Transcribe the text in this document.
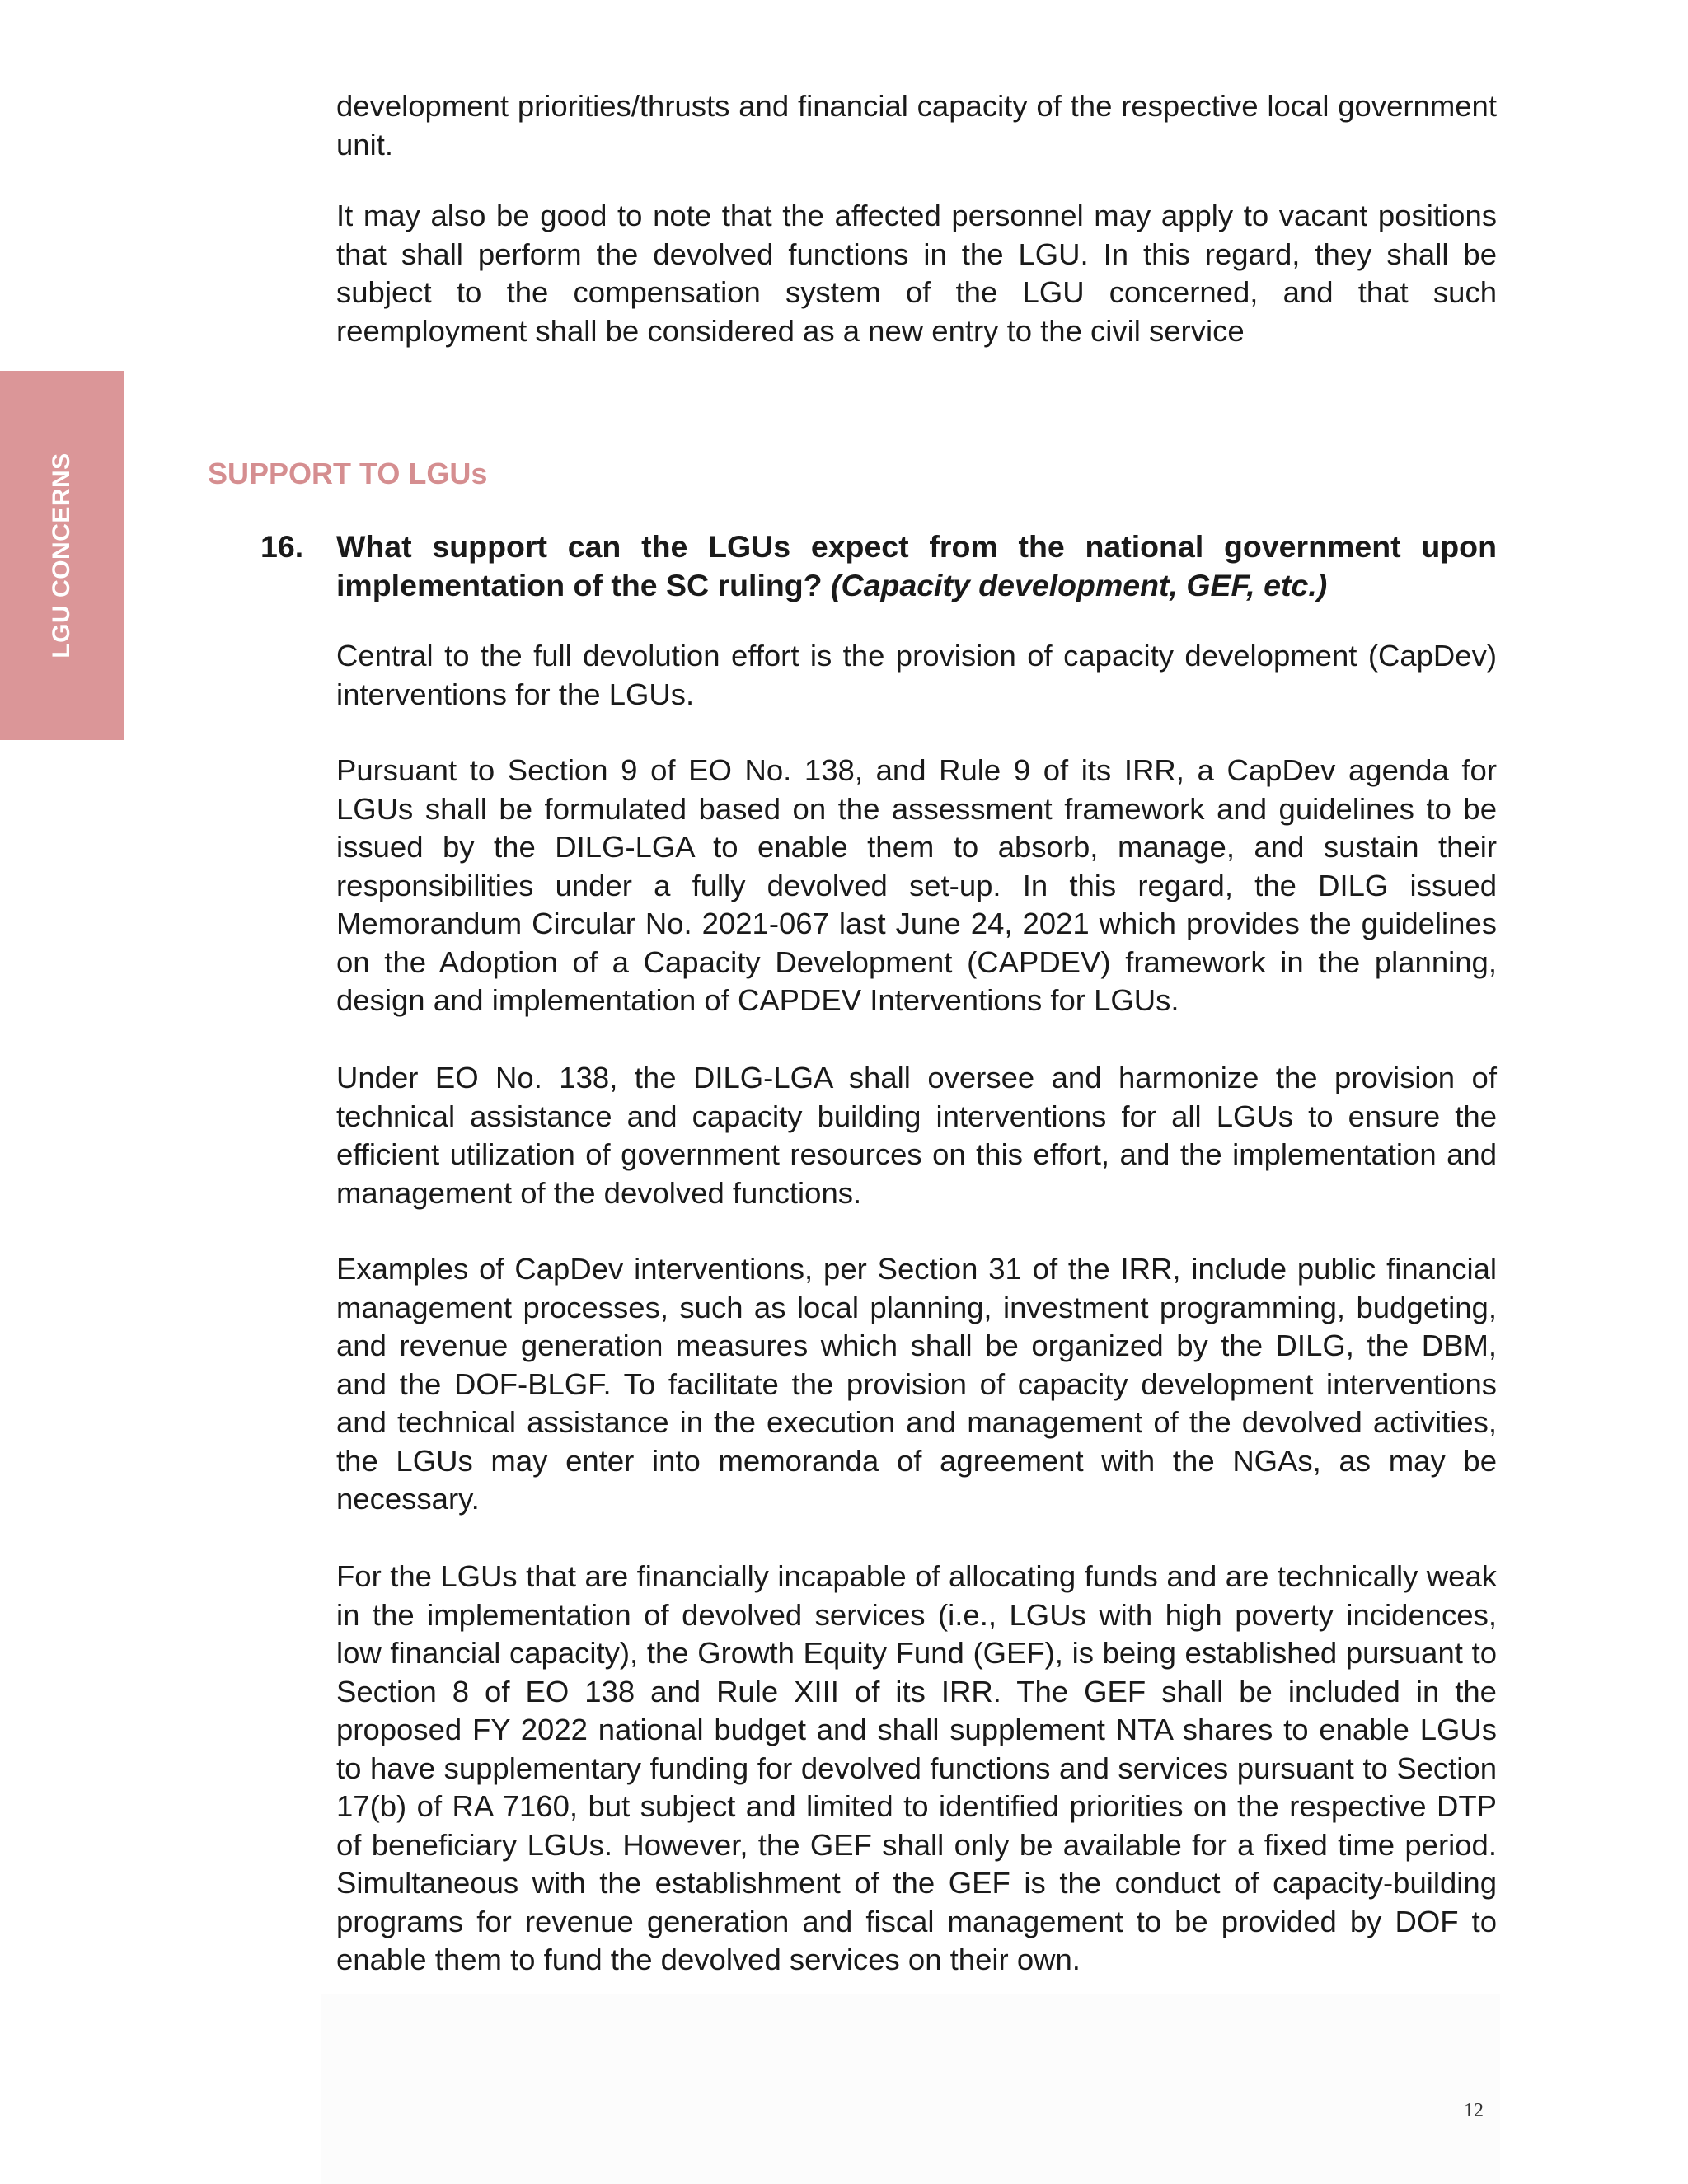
LGU CONCERNS

development priorities/thrusts and financial capacity of the respective local government unit.

It may also be good to note that the affected personnel may apply to vacant positions that shall perform the devolved functions in the LGU. In this regard, they shall be subject to the compensation system of the LGU concerned, and that such reemployment shall be considered as a new entry to the civil service

SUPPORT TO LGUs
16. What support can the LGUs expect from the national government upon implementation of the SC ruling? (Capacity development, GEF, etc.)

Central to the full devolution effort is the provision of capacity development (CapDev) interventions for the LGUs.

Pursuant to Section 9 of EO No. 138, and Rule 9 of its IRR, a CapDev agenda for LGUs shall be formulated based on the assessment framework and guidelines to be issued by the DILG-LGA to enable them to absorb, manage, and sustain their responsibilities under a fully devolved set-up. In this regard, the DILG issued Memorandum Circular No. 2021-067 last June 24, 2021 which provides the guidelines on the Adoption of a Capacity Development (CAPDEV) framework in the planning, design and implementation of CAPDEV Interventions for LGUs.

Under EO No. 138, the DILG-LGA shall oversee and harmonize the provision of technical assistance and capacity building interventions for all LGUs to ensure the efficient utilization of government resources on this effort, and the implementation and management of the devolved functions.

Examples of CapDev interventions, per Section 31 of the IRR, include public financial management processes, such as local planning, investment programming, budgeting, and revenue generation measures which shall be organized by the DILG, the DBM, and the DOF-BLGF. To facilitate the provision of capacity development interventions and technical assistance in the execution and management of the devolved activities, the LGUs may enter into memoranda of agreement with the NGAs, as may be necessary.

For the LGUs that are financially incapable of allocating funds and are technically weak in the implementation of devolved services (i.e., LGUs with high poverty incidences, low financial capacity), the Growth Equity Fund (GEF), is being established pursuant to Section 8 of EO 138 and Rule XIII of its IRR. The GEF shall be included in the proposed FY 2022 national budget and shall supplement NTA shares to enable LGUs to have supplementary funding for devolved functions and services pursuant to Section 17(b) of RA 7160, but subject and limited to identified priorities on the respective DTP of beneficiary LGUs. However, the GEF shall only be available for a fixed time period. Simultaneous with the establishment of the GEF is the conduct of capacity-building programs for revenue generation and fiscal management to be provided by DOF to enable them to fund the devolved services on their own.

12
